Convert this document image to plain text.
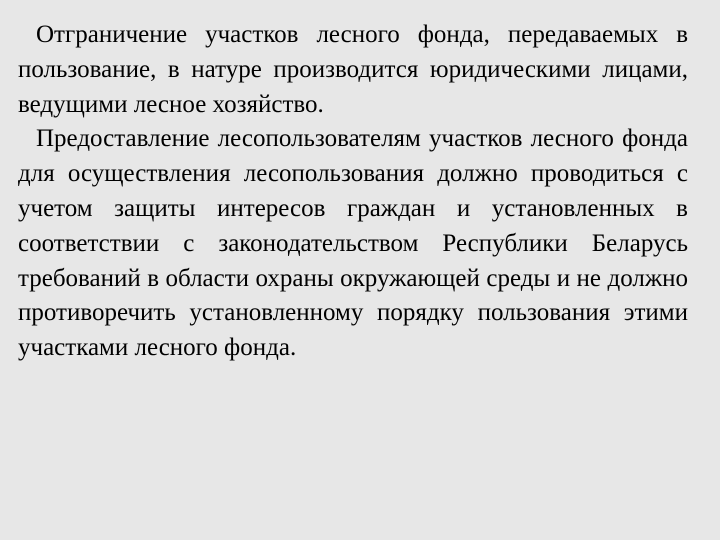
Отграничение участков лесного фонда, передаваемых в пользование, в натуре производится юридическими лицами, ведущими лесное хозяйство.

Предоставление лесопользователям участков лесного фонда для осуществления лесопользования должно проводиться с учетом защиты интересов граждан и установленных в соответствии с законодательством Республики Беларусь требований в области охраны окружающей среды и не должно противоречить установленному порядку пользования этими участками лесного фонда.
